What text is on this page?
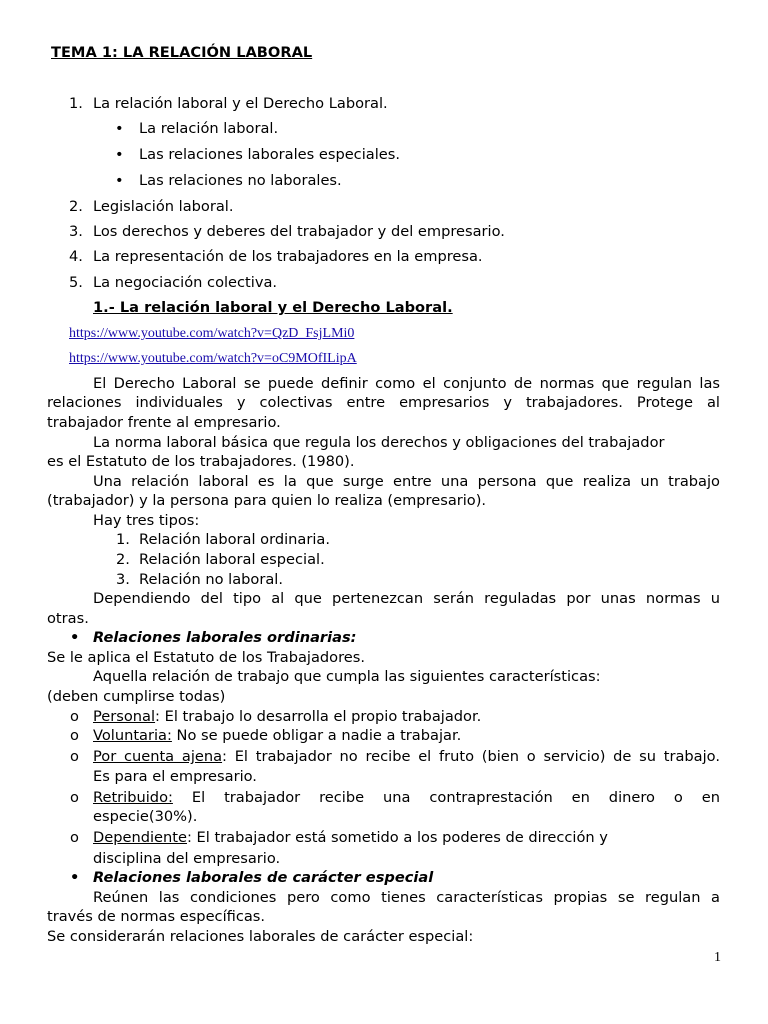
TEMA 1: LA RELACIÓN LABORAL
1. La relación laboral y el Derecho Laboral.
• La relación laboral.
• Las relaciones laborales especiales.
• Las relaciones no laborales.
2. Legislación laboral.
3. Los derechos y deberes del trabajador y del empresario.
4. La representación de los trabajadores en la empresa.
5. La negociación colectiva.
1.- La relación laboral y el Derecho Laboral.
https://www.youtube.com/watch?v=QzD_FsjLMi0
https://www.youtube.com/watch?v=oC9MOfILipA
El Derecho Laboral se puede definir como el conjunto de normas que regulan las
relaciones individuales y colectivas entre empresarios y trabajadores. Protege al
trabajador frente al empresario.
La norma laboral básica que regula los derechos y obligaciones del trabajador
es el Estatuto de los trabajadores. (1980).
Una relación laboral es la que surge entre una persona que realiza un trabajo
(trabajador) y la persona para quien lo realiza (empresario).
Hay tres tipos:
1. Relación laboral ordinaria.
2. Relación laboral especial.
3. Relación no laboral.
Dependiendo del tipo al que pertenezcan serán reguladas por unas normas u
otras.
• Relaciones laborales ordinarias:
Se le aplica el Estatuto de los Trabajadores.
Aquella relación de trabajo que cumpla las siguientes características:
(deben cumplirse todas)
o Personal: El trabajo lo desarrolla el propio trabajador.
o Voluntaria: No se puede obligar a nadie a trabajar.
o Por cuenta ajena: El trabajador no recibe el fruto (bien o servicio) de su trabajo.
Es para el empresario.
o Retribuido: El trabajador recibe una contraprestación en dinero o en
especie(30%).
o Dependiente: El trabajador está sometido a los poderes de dirección y
disciplina del empresario.
• Relaciones laborales de carácter especial
Reúnen las condiciones pero como tienes características propias se regulan a
través de normas específicas.
Se considerarán relaciones laborales de carácter especial:
1
